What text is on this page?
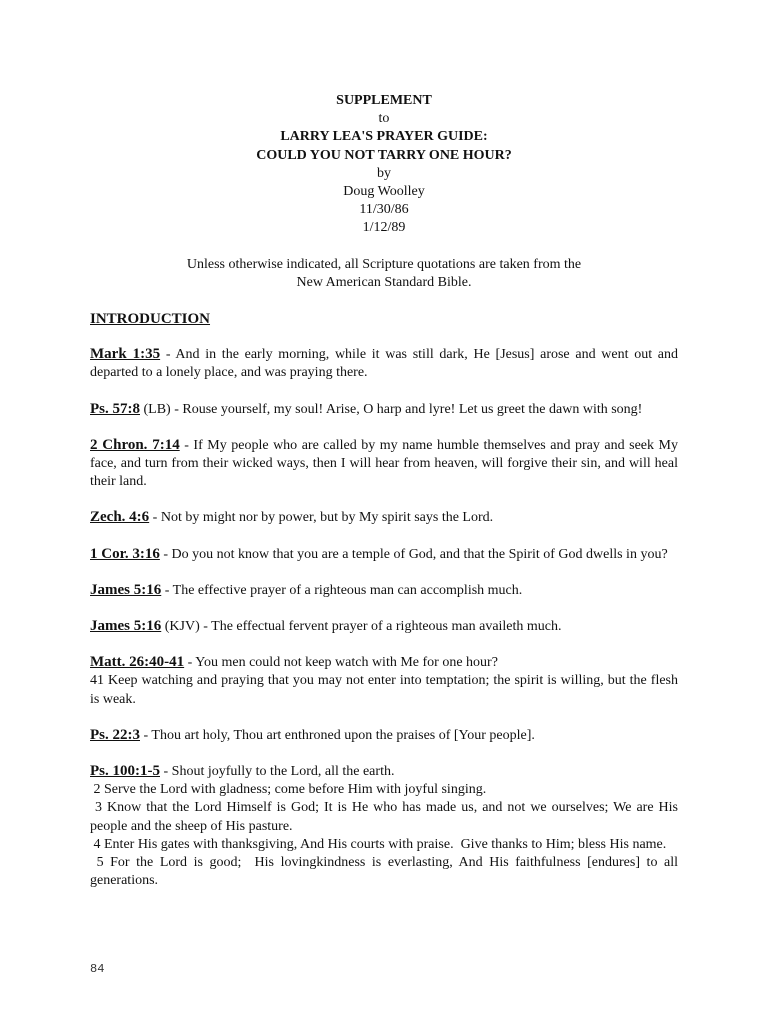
SUPPLEMENT
to
LARRY LEA'S PRAYER GUIDE:
COULD YOU NOT TARRY ONE HOUR?
by
Doug Woolley
11/30/86
1/12/89
Unless otherwise indicated, all Scripture quotations are taken from the
New American Standard Bible.
INTRODUCTION

Mark 1:35 - And in the early morning, while it was still dark, He [Jesus] arose and went out and departed to a lonely place, and was praying there.

Ps. 57:8 (LB) - Rouse yourself, my soul! Arise, O harp and lyre! Let us greet the dawn with song!

2 Chron. 7:14 - If My people who are called by my name humble themselves and pray and seek My face, and turn from their wicked ways, then I will hear from heaven, will forgive their sin, and will heal their land.

Zech. 4:6 - Not by might nor by power, but by My spirit says the Lord.

1 Cor. 3:16 - Do you not know that you are a temple of God, and that the Spirit of God dwells in you?

James 5:16 - The effective prayer of a righteous man can accomplish much.

James 5:16 (KJV) - The effectual fervent prayer of a righteous man availeth much.

Matt. 26:40-41 - You men could not keep watch with Me for one hour?
41 Keep watching and praying that you may not enter into temptation; the spirit is willing, but the flesh is weak.

Ps. 22:3 - Thou art holy, Thou art enthroned upon the praises of [Your people].

Ps. 100:1-5 - Shout joyfully to the Lord, all the earth.
2 Serve the Lord with gladness; come before Him with joyful singing.
3 Know that the Lord Himself is God; It is He who has made us, and not we ourselves; We are His people and the sheep of His pasture.
4 Enter His gates with thanksgiving, And His courts with praise.  Give thanks to Him; bless His name.
5 For the Lord is good;  His lovingkindness is everlasting, And His faithfulness [endures] to all generations.

84
